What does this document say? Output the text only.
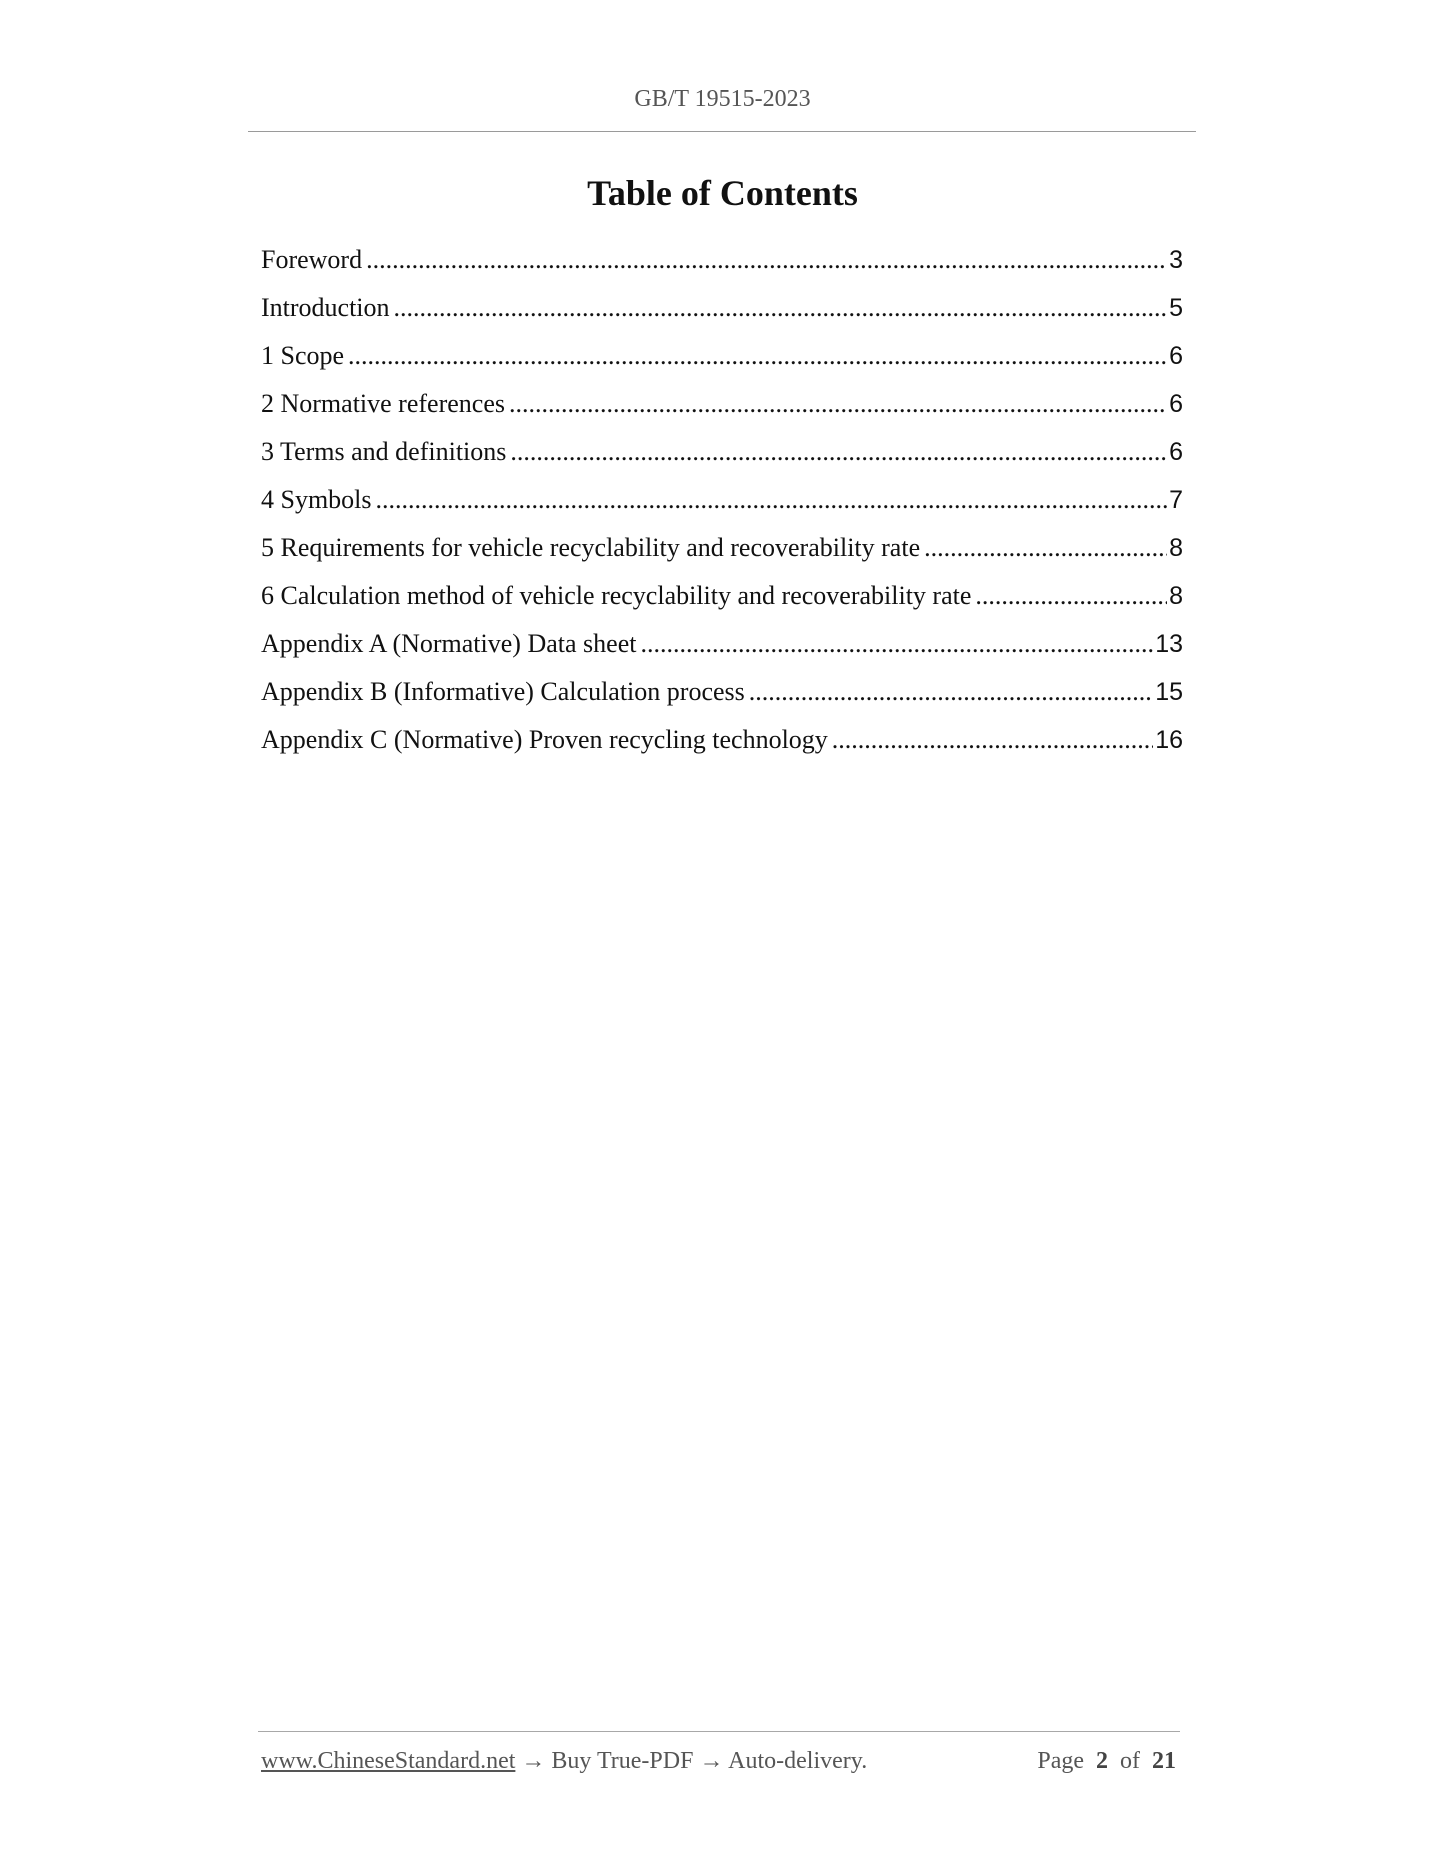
GB/T 19515-2023
Table of Contents
Foreword .....	3
Introduction .....	5
1 Scope .....	6
2 Normative references .....	6
3 Terms and definitions .....	6
4 Symbols .....	7
5 Requirements for vehicle recyclability and recoverability rate .....	8
6 Calculation method of vehicle recyclability and recoverability rate .....	8
Appendix A (Normative) Data sheet .....	13
Appendix B (Informative) Calculation process .....	15
Appendix C (Normative) Proven recycling technology .....	16
www.ChineseStandard.net → Buy True-PDF → Auto-delivery.	Page 2 of 21
